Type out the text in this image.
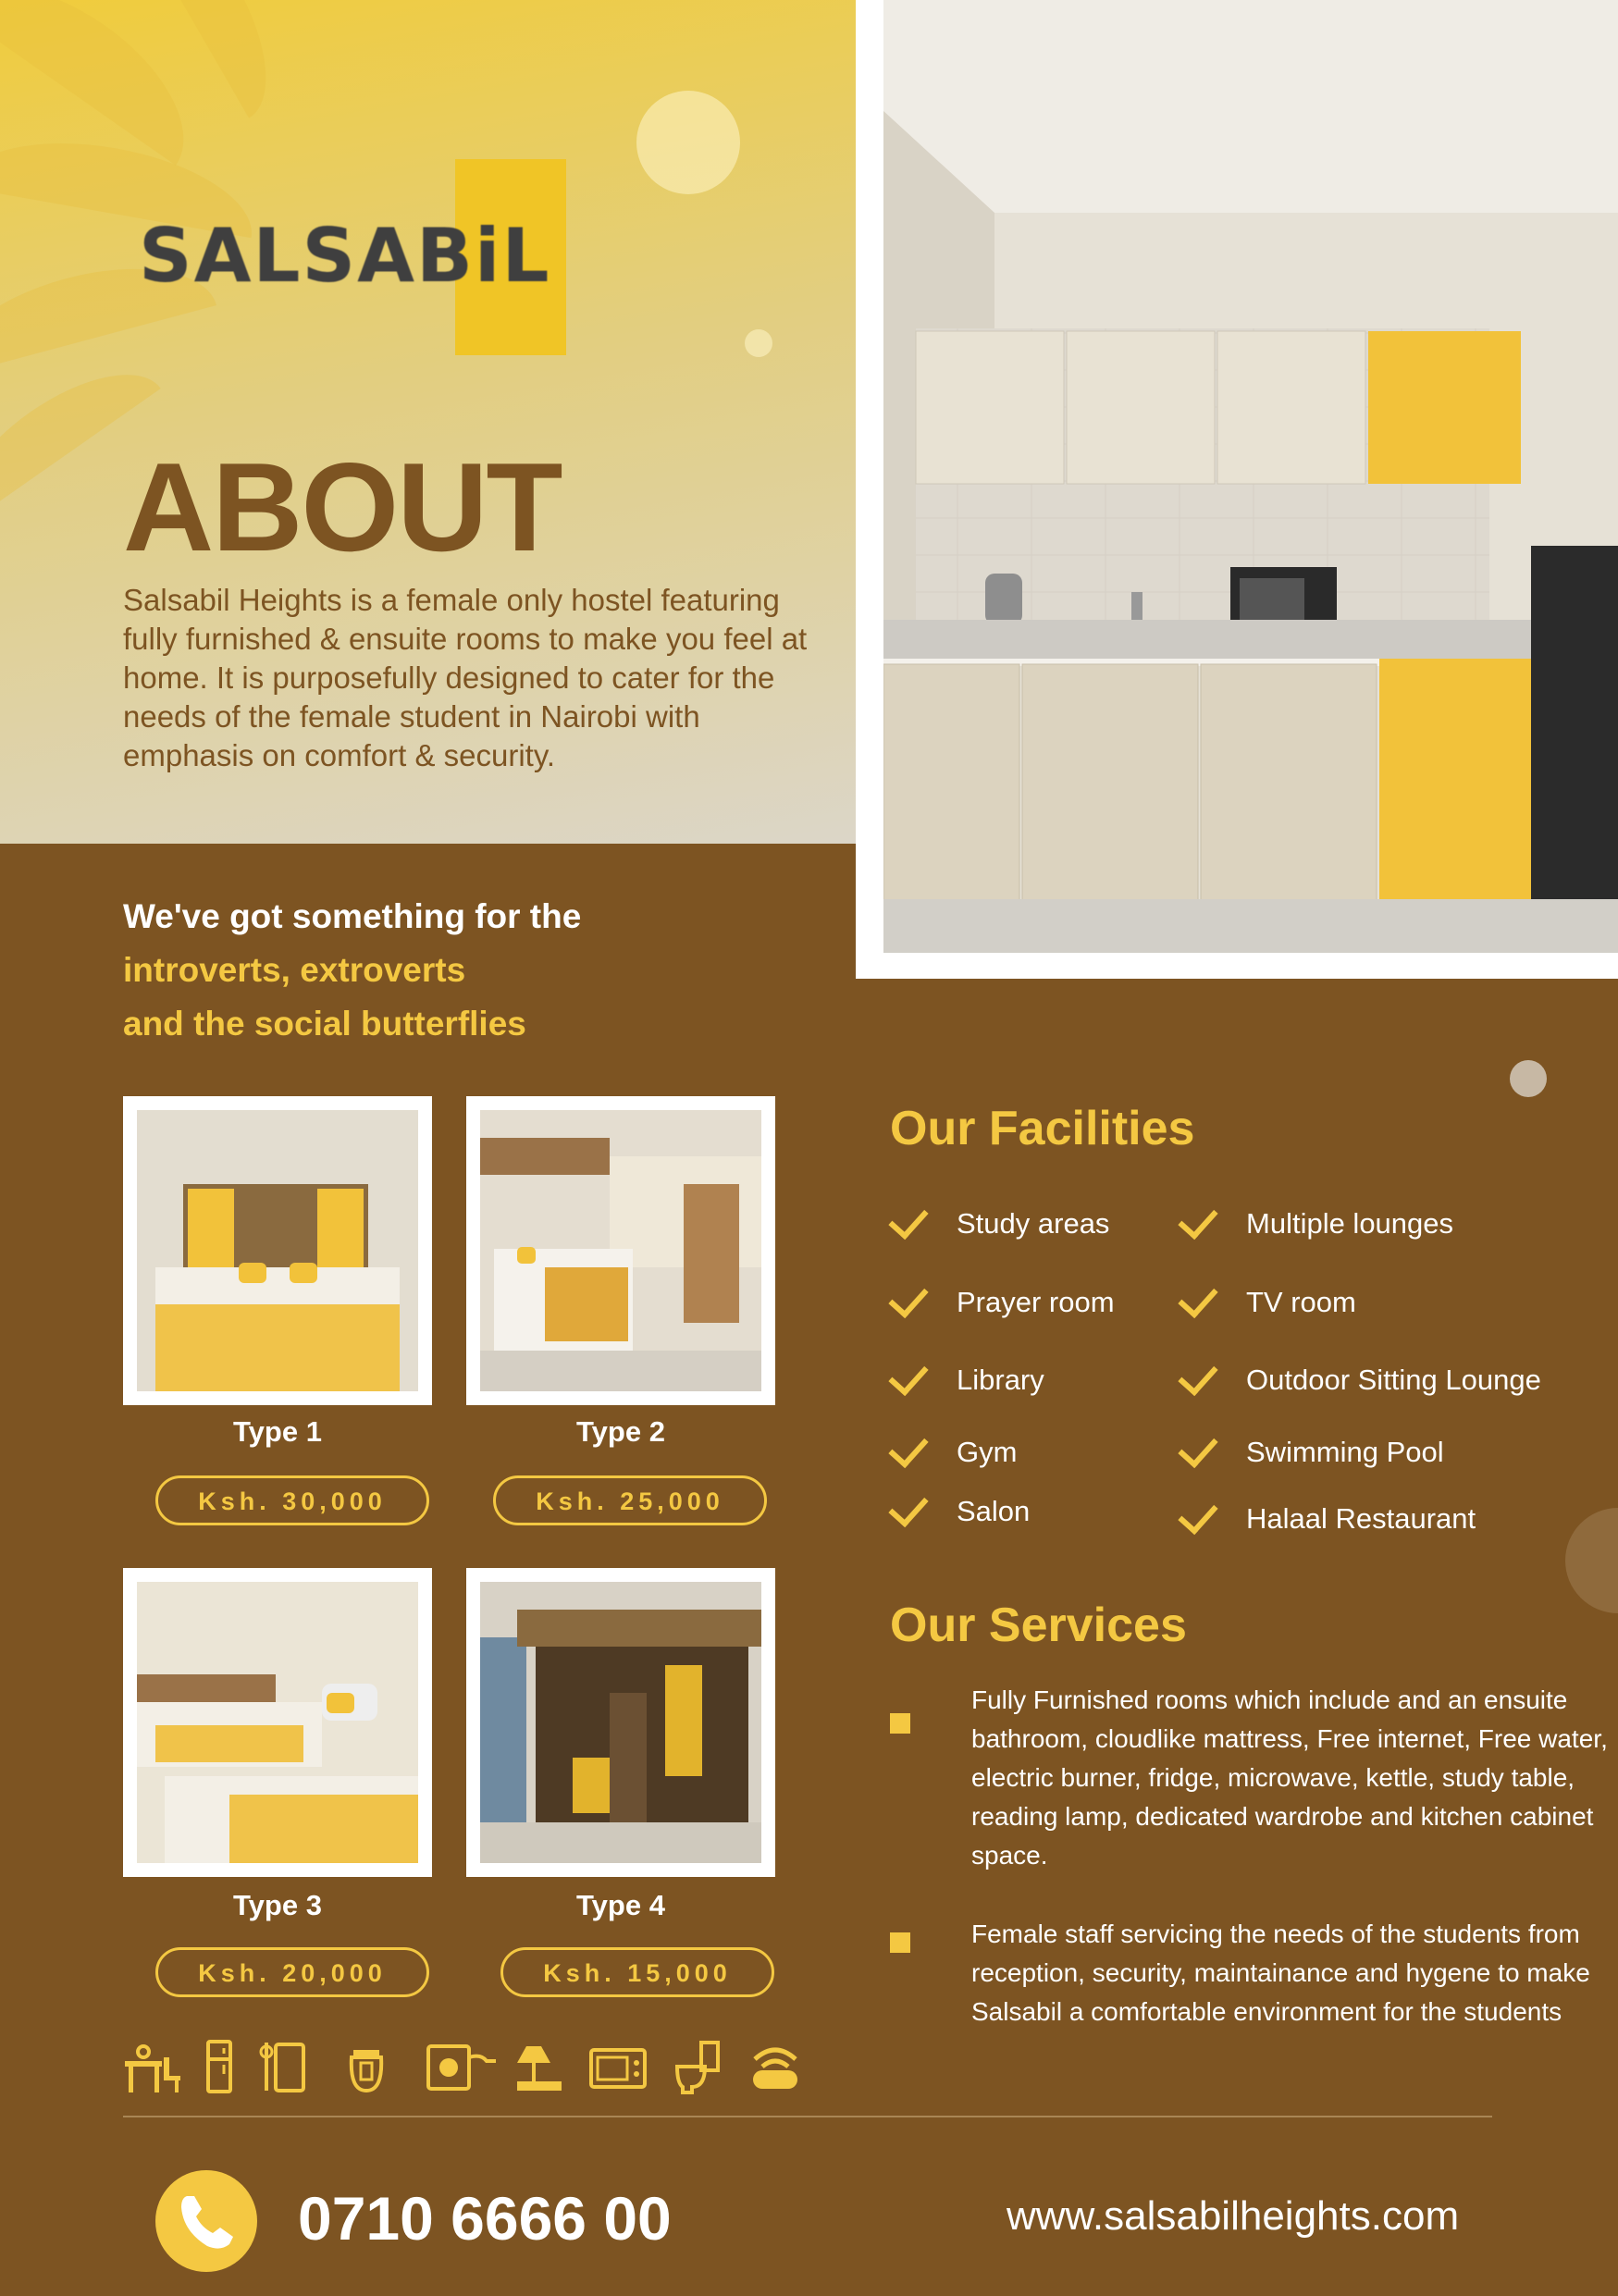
SALSABiL
ABOUT
Salsabil Heights is a female only hostel featuring fully furnished & ensuite rooms to make you feel at home. It is purposefully designed to cater for the needs of the female student in Nairobi with emphasis on comfort & security.
We've got something for the
introverts, extroverts
and the social butterflies
Type 1
Ksh. 30,000
Type 2
Ksh. 25,000
Type 3
Ksh. 20,000
Type 4
Ksh. 15,000
Our Facilities
Study areas
Prayer room
Library
Gym
Salon
Multiple lounges
TV room
Outdoor Sitting Lounge
Swimming Pool
Halaal Restaurant
Our Services
Fully Furnished rooms which include and an ensuite bathroom, cloudlike mattress, Free internet, Free water, electric burner, fridge, microwave, kettle, study table, reading lamp, dedicated wardrobe and kitchen cabinet space.
Female staff servicing the needs of the students from reception, security, maintainance and hygene to make Salsabil a comfortable environment for the students
0710 6666 00	www.salsabilheights.com
